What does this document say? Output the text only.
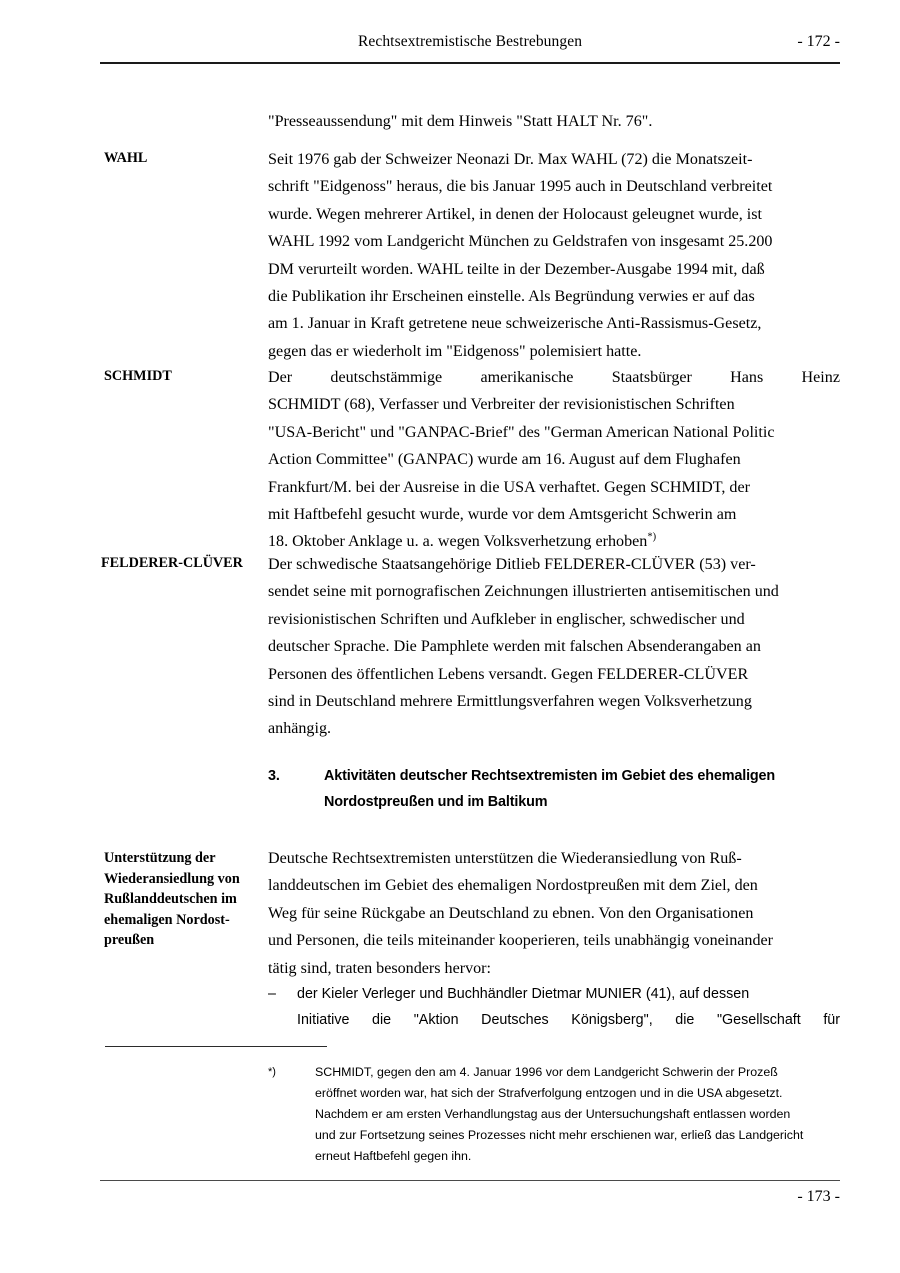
Rechtsextremistische Bestrebungen	- 172 -

"Presseaussendung" mit dem Hinweis "Statt HALT Nr. 76".

WAHL	Seit 1976 gab der Schweizer Neonazi Dr. Max WAHL (72) die Monatszeit-
schrift "Eidgenoss" heraus, die bis Januar 1995 auch in Deutschland verbreitet
wurde. Wegen mehrerer Artikel, in denen der Holocaust geleugnet wurde, ist
WAHL 1992 vom Landgericht München zu Geldstrafen von insgesamt 25.200
DM verurteilt worden. WAHL teilte in der Dezember-Ausgabe 1994 mit, daß
die Publikation ihr Erscheinen einstelle. Als Begründung verwies er auf das
am 1. Januar in Kraft getretene neue schweizerische Anti-Rassismus-Gesetz,
gegen das er wiederholt im "Eidgenoss" polemisiert hatte.
SCHMIDT	Der deutschstämmige amerikanische Staatsbürger Hans Heinz
SCHMIDT (68), Verfasser und Verbreiter der revisionistischen Schriften
"USA-Bericht" und "GANPAC-Brief" des "German American National Politic
Action Committee" (GANPAC) wurde am 16. August auf dem Flughafen
Frankfurt/M. bei der Ausreise in die USA verhaftet. Gegen SCHMIDT, der
mit Haftbefehl gesucht wurde, wurde vor dem Amtsgericht Schwerin am
18. Oktober Anklage u. a. wegen Volksverhetzung erhoben*)
FELDERER-CLÜVER	Der schwedische Staatsangehörige Ditlieb FELDERER-CLÜVER (53) ver-
sendet seine mit pornografischen Zeichnungen illustrierten antisemitischen und
revisionistischen Schriften und Aufkleber in englischer, schwedischer und
deutscher Sprache. Die Pamphlete werden mit falschen Absenderangaben an
Personen des öffentlichen Lebens versandt. Gegen FELDERER-CLÜVER
sind in Deutschland mehrere Ermittlungsverfahren wegen Volksverhetzung
anhängig.
3.	Aktivitäten deutscher Rechtsextremisten im Gebiet des ehemaligen
Nordostpreußen und im Baltikum
Unterstützung der
Wiederansiedlung von
Rußlanddeutschen im
ehemaligen Nordost-
preußen
Deutsche Rechtsextremisten unterstützen die Wiederansiedlung von Ruß-
landdeutschen im Gebiet des ehemaligen Nordostpreußen mit dem Ziel, den
Weg für seine Rückgabe an Deutschland zu ebnen. Von den Organisationen
und Personen, die teils miteinander kooperieren, teils unabhängig voneinander
tätig sind, traten besonders hervor:
– der Kieler Verleger und Buchhändler Dietmar MUNIER (41), auf dessen
Initiative die "Aktion Deutsches Königsberg", die "Gesellschaft für
*)	SCHMIDT, gegen den am 4. Januar 1996 vor dem Landgericht Schwerin der Prozeß
eröffnet worden war, hat sich der Strafverfolgung entzogen und in die USA abgesetzt.
Nachdem er am ersten Verhandlungstag aus der Untersuchungshaft entlassen worden
und zur Fortsetzung seines Prozesses nicht mehr erschienen war, erließ das Landgericht
erneut Haftbefehl gegen ihn.
- 173 -
